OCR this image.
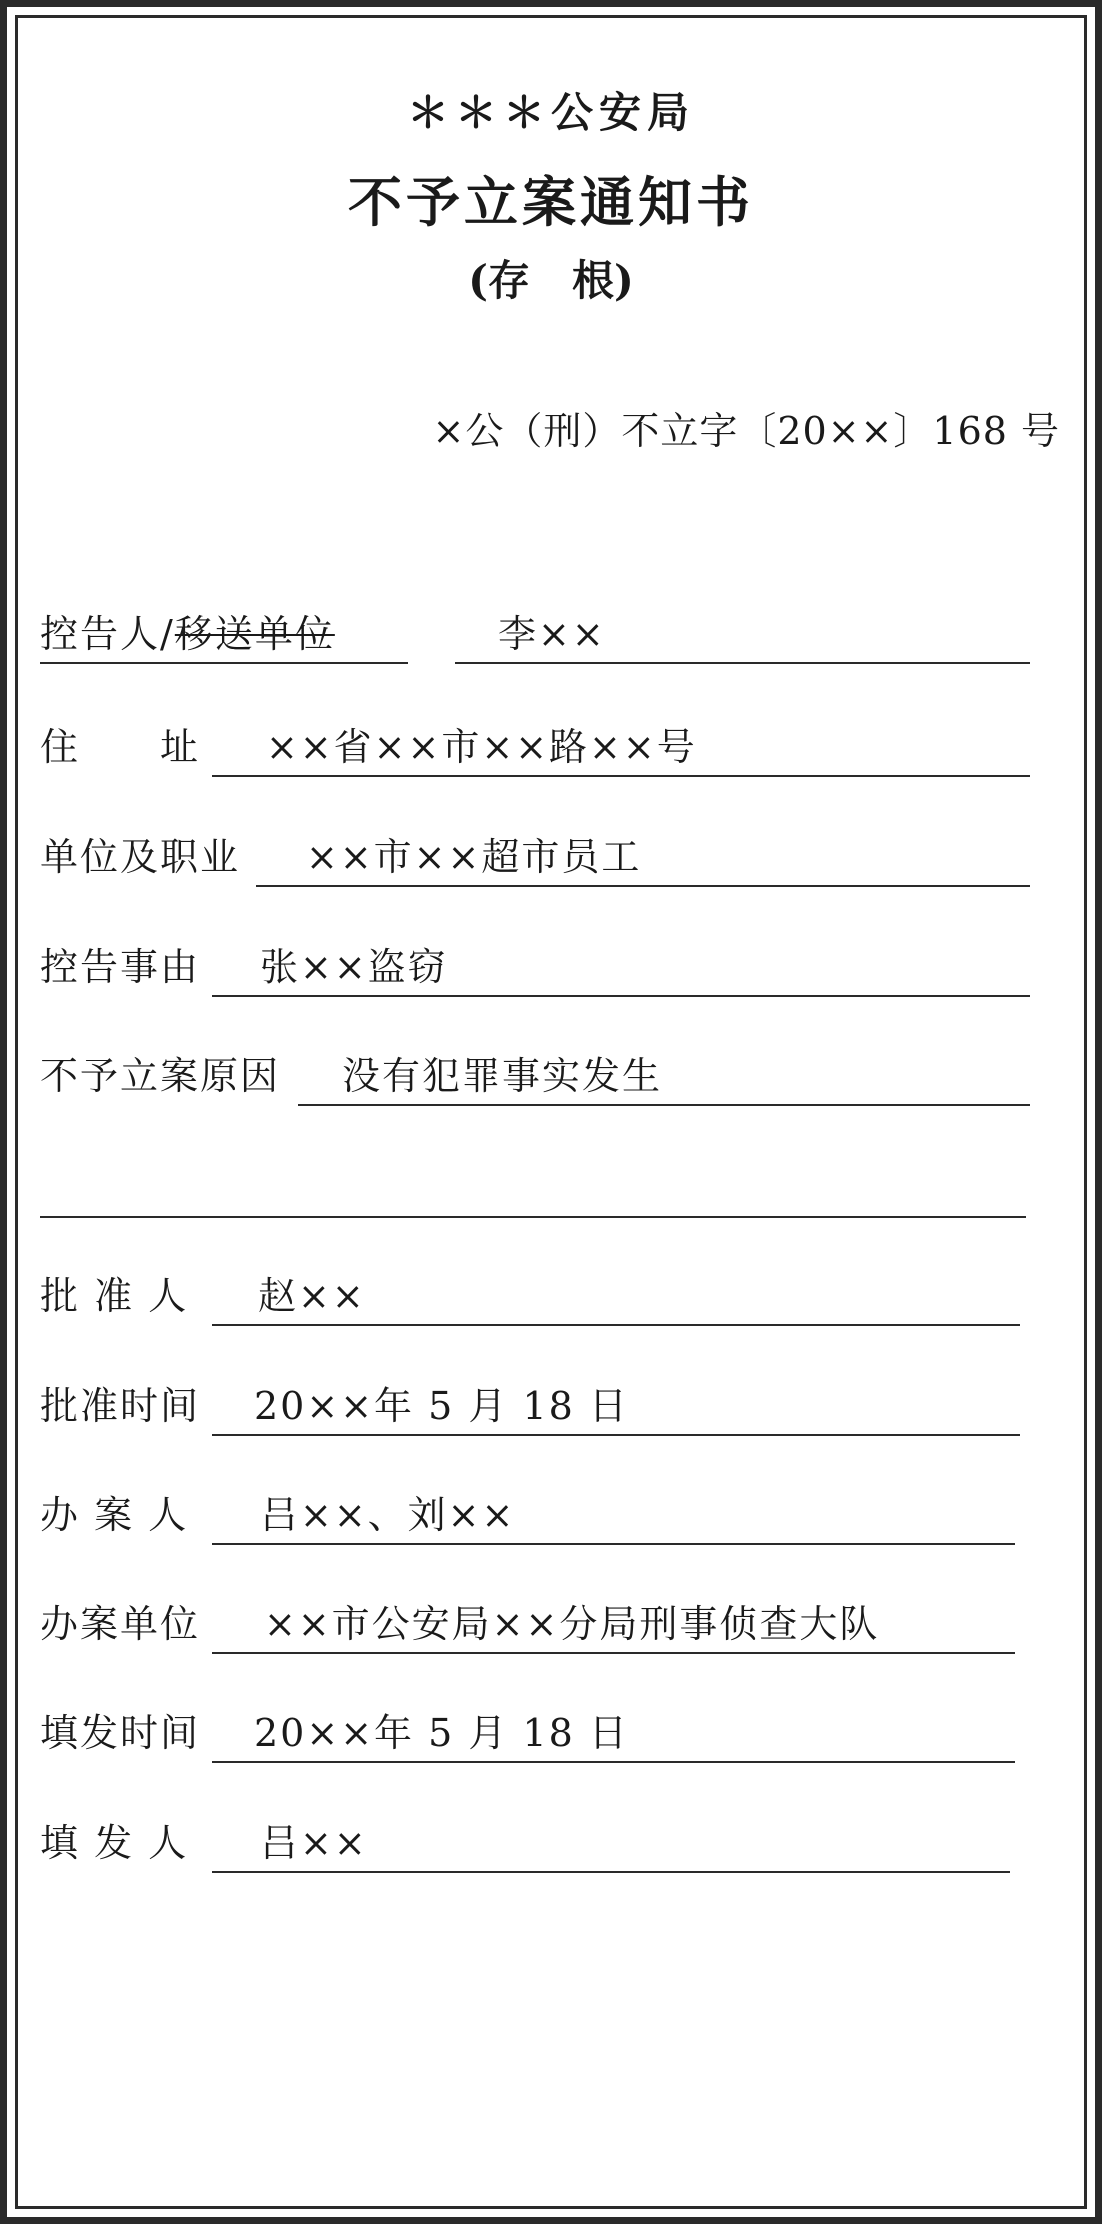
＊＊＊公安局
不予立案通知书
(存　根)
×公（刑）不立字〔20××〕168 号
控告人/移送单位	李××
住　　址 ××省××市××路××号
单位及职业 ××市××超市员工
控告事由 张××盗窃
不予立案原因 没有犯罪事实发生
批 准 人 赵××
批准时间 20××年 5 月 18 日
办 案 人 吕××、刘××
办案单位 ××市公安局××分局刑事侦查大队
填发时间 20××年 5 月 18 日
填 发 人 吕××
